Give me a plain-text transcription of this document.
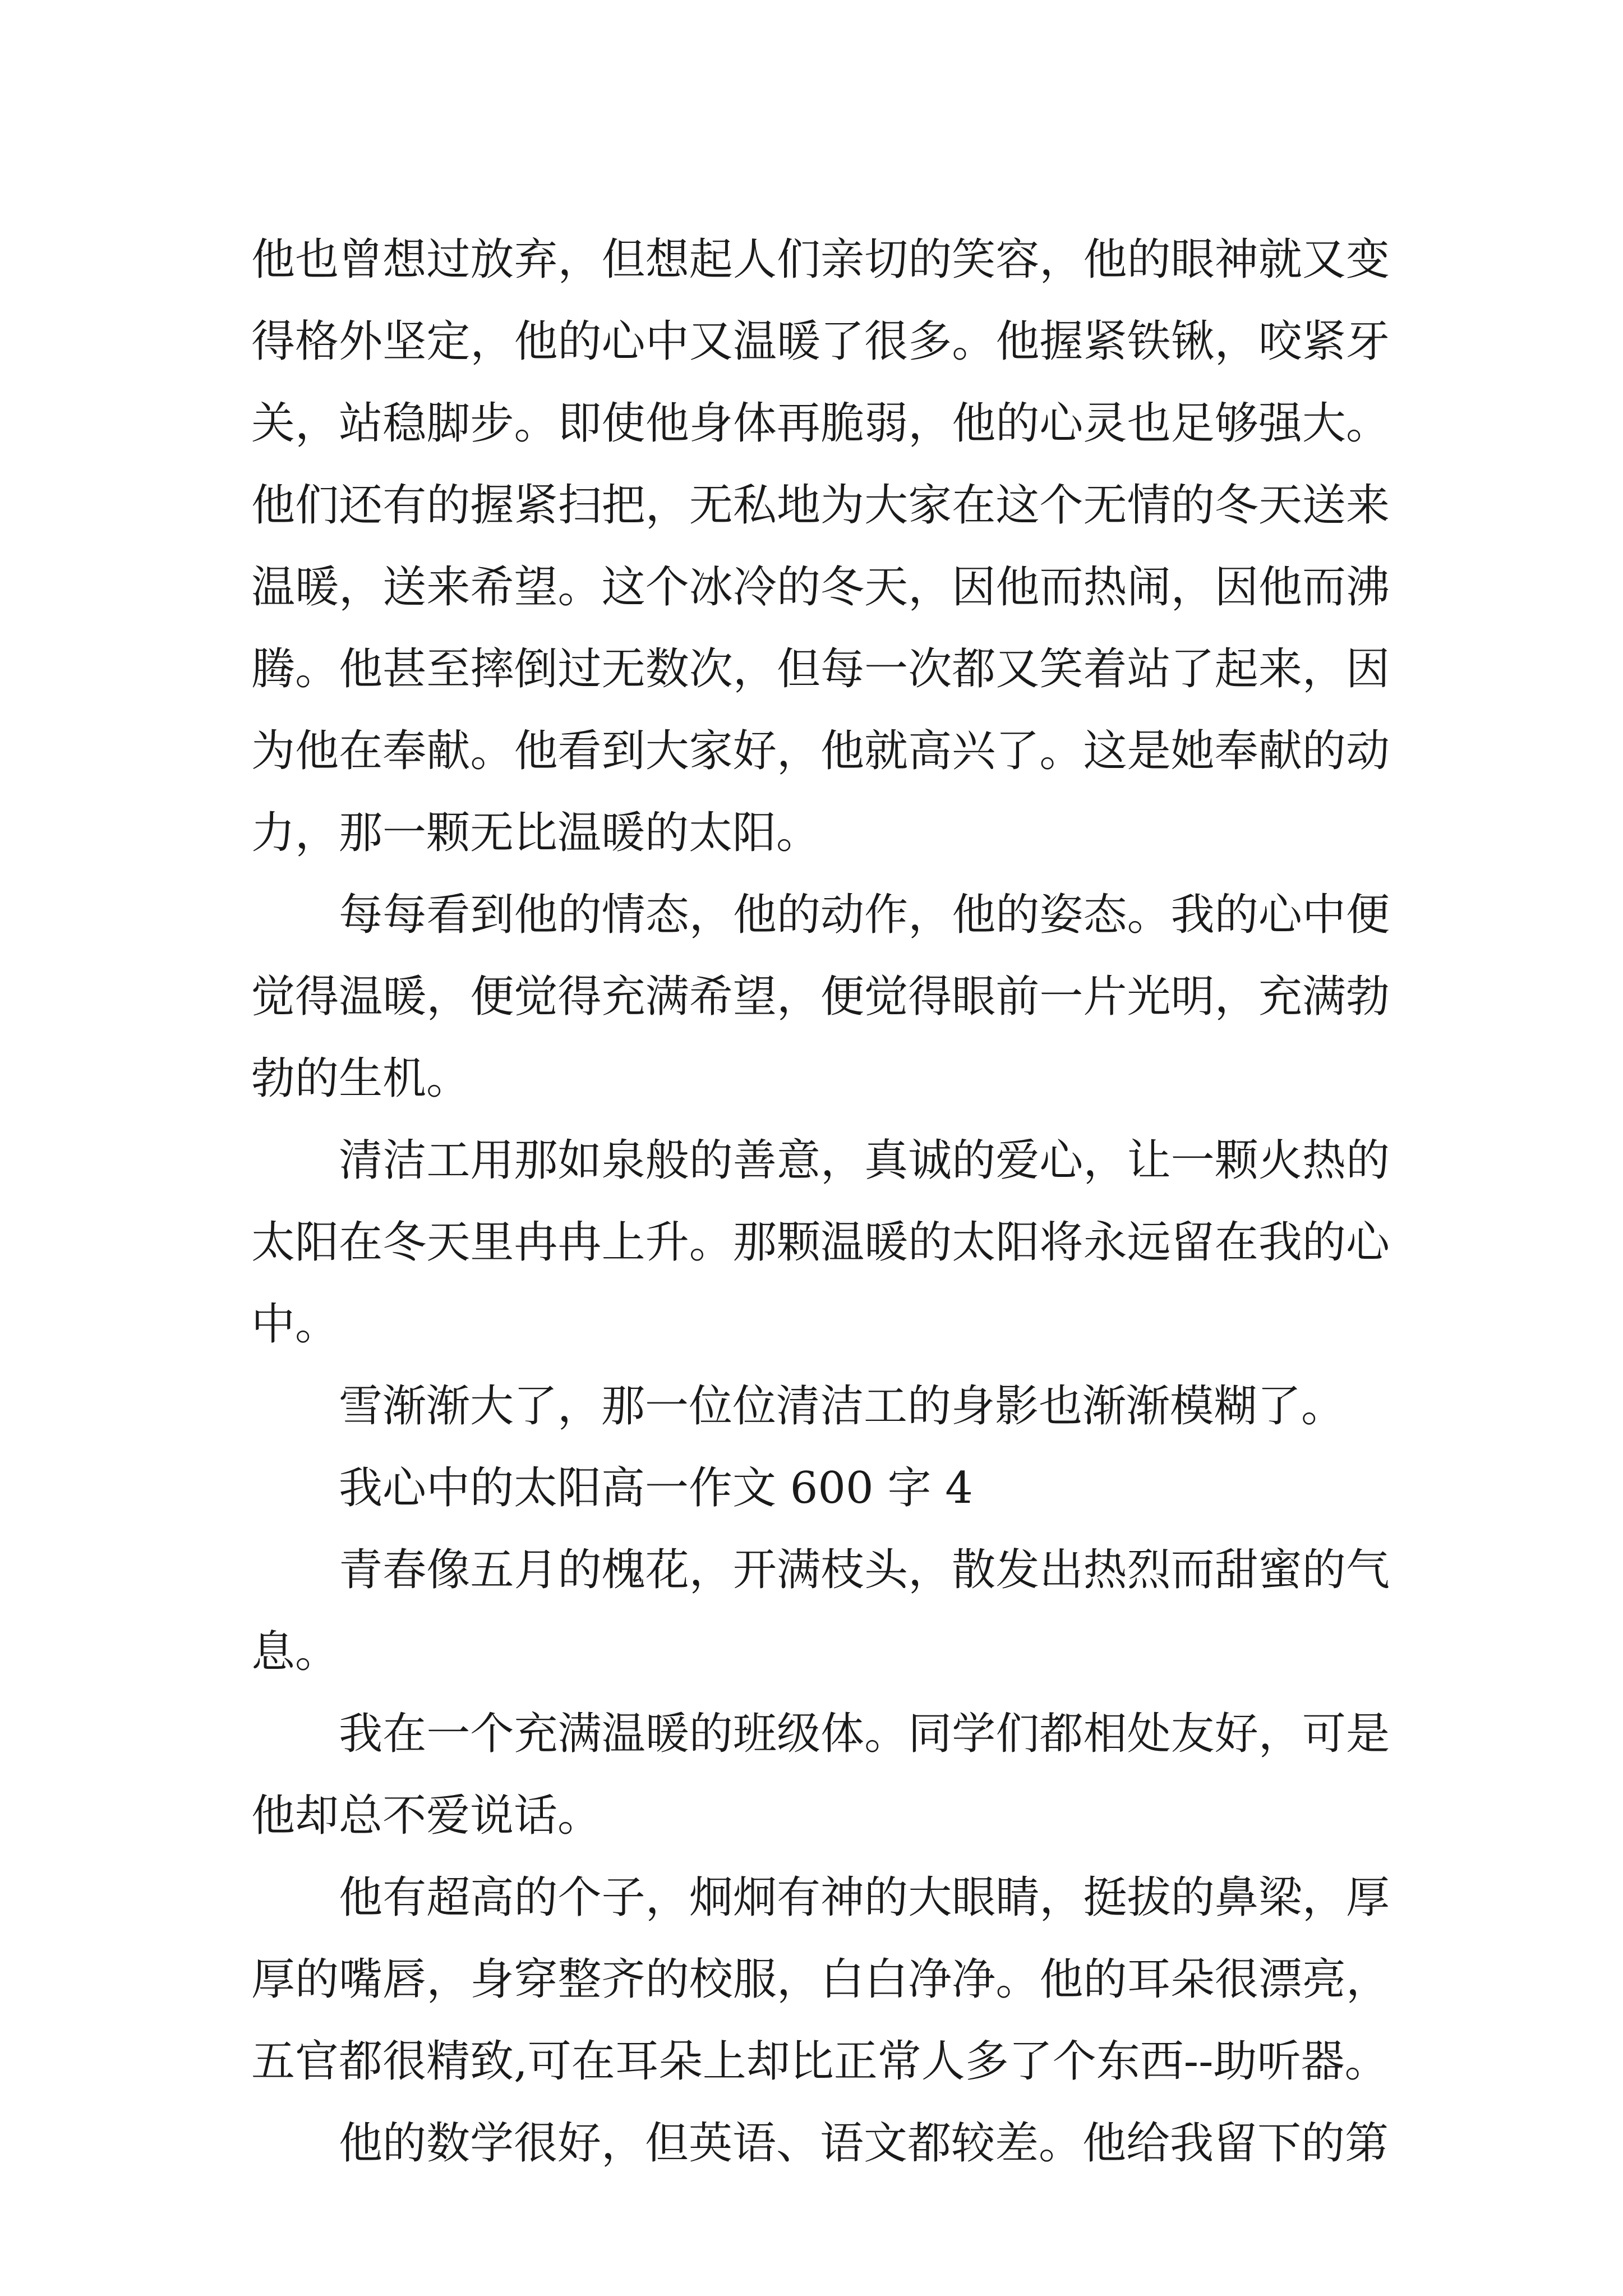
他也曾想过放弃，但想起人们亲切的笑容，他的眼神就又变得格外坚定，他的心中又温暖了很多。他握紧铁锹，咬紧牙关，站稳脚步。即使他身体再脆弱，他的心灵也足够强大。他们还有的握紧扫把，无私地为大家在这个无情的冬天送来温暖，送来希望。这个冰冷的冬天，因他而热闹，因他而沸腾。他甚至摔倒过无数次，但每一次都又笑着站了起来，因为他在奉献。他看到大家好，他就高兴了。这是她奉献的动力，那一颗无比温暖的太阳。

　　每每看到他的情态，他的动作，他的姿态。我的心中便觉得温暖，便觉得充满希望，便觉得眼前一片光明，充满勃勃的生机。

　　清洁工用那如泉般的善意，真诚的爱心，让一颗火热的太阳在冬天里冉冉上升。那颗温暖的太阳将永远留在我的心中。

　　雪渐渐大了，那一位位清洁工的身影也渐渐模糊了。

　　我心中的太阳高一作文 600 字 4

　　青春像五月的槐花，开满枝头，散发出热烈而甜蜜的气息。

　　我在一个充满温暖的班级体。同学们都相处友好，可是他却总不爱说话。

　　他有超高的个子，炯炯有神的大眼睛，挺拔的鼻梁，厚厚的嘴唇，身穿整齐的校服，白白净净。他的耳朵很漂亮，五官都很精致,可在耳朵上却比正常人多了个东西--助听器。

　　他的数学很好，但英语、语文都较差。他给我留下的第
